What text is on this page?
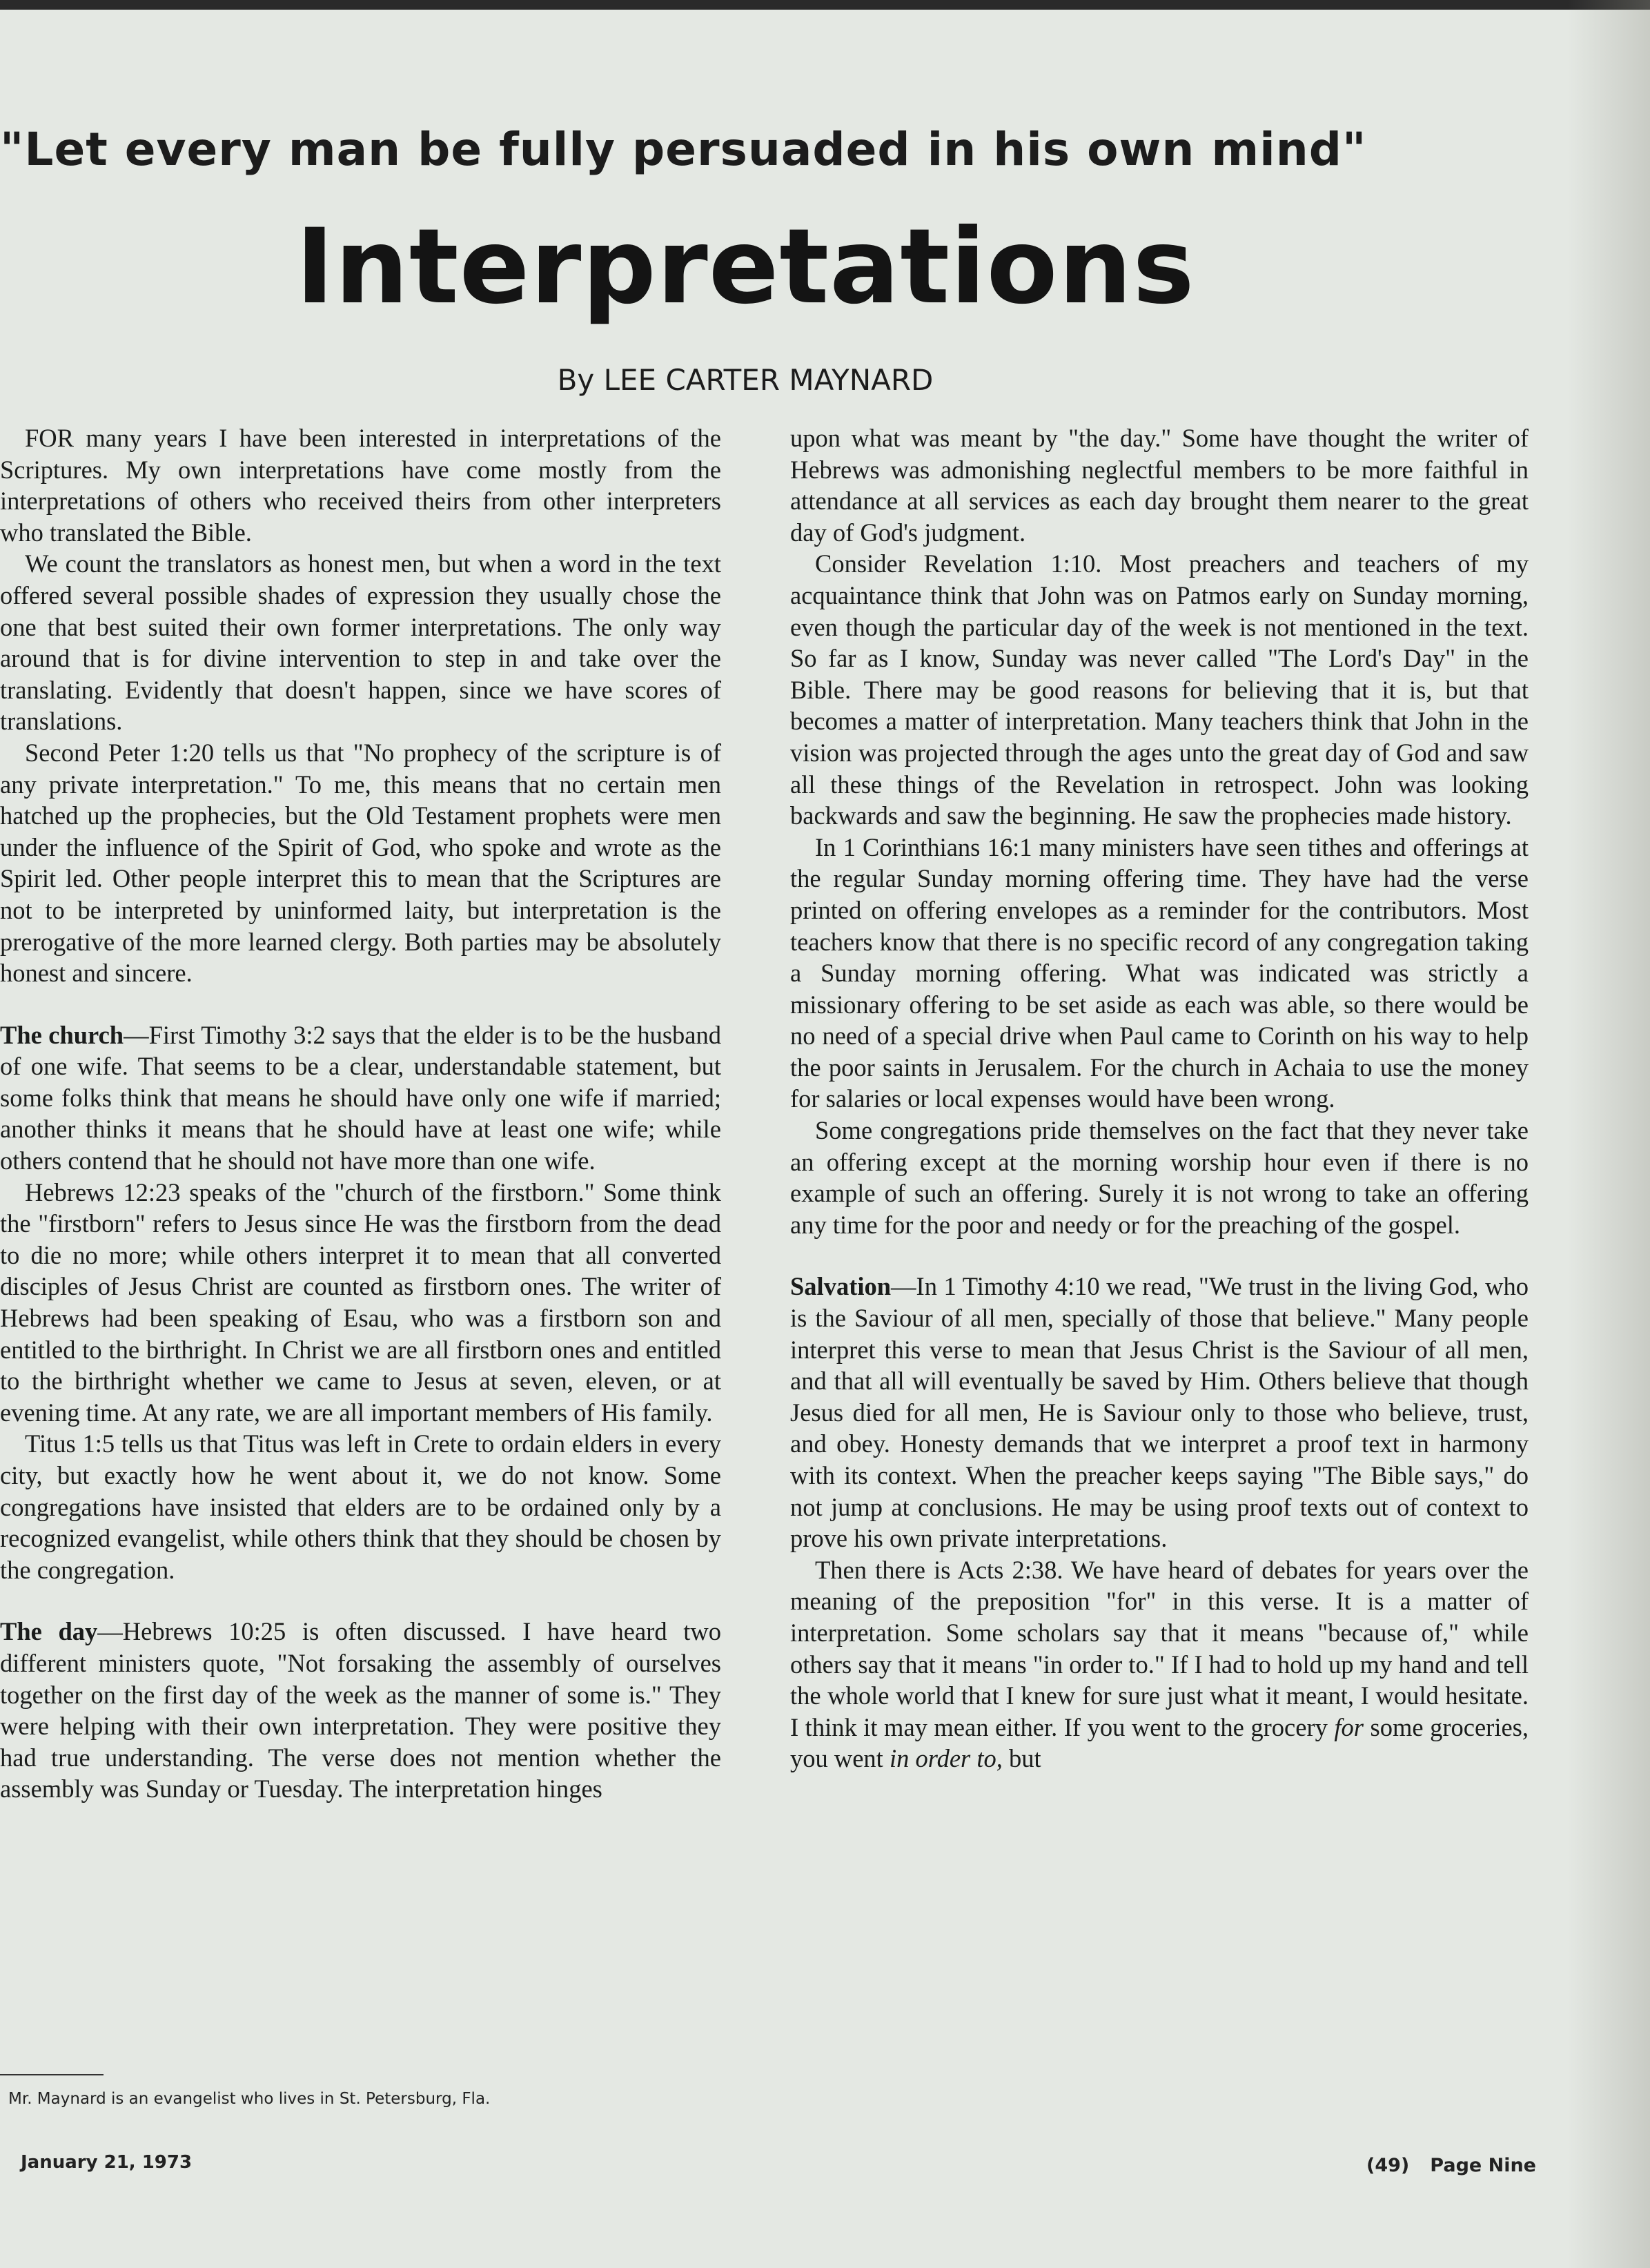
"Let every man be fully persuaded in his own mind"
Interpretations
By LEE CARTER MAYNARD

FOR many years I have been interested in interpretations of the Scriptures. My own interpretations have come mostly from the interpretations of others who received theirs from other interpreters who translated the Bible.

We count the translators as honest men, but when a word in the text offered several possible shades of expression they usually chose the one that best suited their own former interpretations. The only way around that is for divine intervention to step in and take over the translating. Evidently that doesn't happen, since we have scores of translations.

Second Peter 1:20 tells us that "No prophecy of the scripture is of any private interpretation." To me, this means that no certain men hatched up the prophecies, but the Old Testament prophets were men under the influence of the Spirit of God, who spoke and wrote as the Spirit led. Other people interpret this to mean that the Scriptures are not to be interpreted by uninformed laity, but interpretation is the prerogative of the more learned clergy. Both parties may be absolutely honest and sincere.

The church—First Timothy 3:2 says that the elder is to be the husband of one wife. That seems to be a clear, understandable statement, but some folks think that means he should have only one wife if married; another thinks it means that he should have at least one wife; while others contend that he should not have more than one wife.

Hebrews 12:23 speaks of the "church of the firstborn." Some think the "firstborn" refers to Jesus since He was the firstborn from the dead to die no more; while others interpret it to mean that all converted disciples of Jesus Christ are counted as firstborn ones. The writer of Hebrews had been speaking of Esau, who was a firstborn son and entitled to the birthright. In Christ we are all firstborn ones and entitled to the birthright whether we came to Jesus at seven, eleven, or at evening time. At any rate, we are all important members of His family.

Titus 1:5 tells us that Titus was left in Crete to ordain elders in every city, but exactly how he went about it, we do not know. Some congregations have insisted that elders are to be ordained only by a recognized evangelist, while others think that they should be chosen by the congregation.

The day—Hebrews 10:25 is often discussed. I have heard two different ministers quote, "Not forsaking the assembly of ourselves together on the first day of the week as the manner of some is." They were helping with their own interpretation. They were positive they had true understanding. The verse does not mention whether the assembly was Sunday or Tuesday. The interpretation hinges

upon what was meant by "the day." Some have thought the writer of Hebrews was admonishing neglectful members to be more faithful in attendance at all services as each day brought them nearer to the great day of God's judgment.

Consider Revelation 1:10. Most preachers and teachers of my acquaintance think that John was on Patmos early on Sunday morning, even though the particular day of the week is not mentioned in the text. So far as I know, Sunday was never called "The Lord's Day" in the Bible. There may be good reasons for believing that it is, but that becomes a matter of interpretation. Many teachers think that John in the vision was projected through the ages unto the great day of God and saw all these things of the Revelation in retrospect. John was looking backwards and saw the beginning. He saw the prophecies made history.

In 1 Corinthians 16:1 many ministers have seen tithes and offerings at the regular Sunday morning offering time. They have had the verse printed on offering envelopes as a reminder for the contributors. Most teachers know that there is no specific record of any congregation taking a Sunday morning offering. What was indicated was strictly a missionary offering to be set aside as each was able, so there would be no need of a special drive when Paul came to Corinth on his way to help the poor saints in Jerusalem. For the church in Achaia to use the money for salaries or local expenses would have been wrong.

Some congregations pride themselves on the fact that they never take an offering except at the morning worship hour even if there is no example of such an offering. Surely it is not wrong to take an offering any time for the poor and needy or for the preaching of the gospel.

Salvation—In 1 Timothy 4:10 we read, "We trust in the living God, who is the Saviour of all men, specially of those that believe." Many people interpret this verse to mean that Jesus Christ is the Saviour of all men, and that all will eventually be saved by Him. Others believe that though Jesus died for all men, He is Saviour only to those who believe, trust, and obey. Honesty demands that we interpret a proof text in harmony with its context. When the preacher keeps saying "The Bible says," do not jump at conclusions. He may be using proof texts out of context to prove his own private interpretations.

Then there is Acts 2:38. We have heard of debates for years over the meaning of the preposition "for" in this verse. It is a matter of interpretation. Some scholars say that it means "because of," while others say that it means "in order to." If I had to hold up my hand and tell the whole world that I knew for sure just what it meant, I would hesitate. I think it may mean either. If you went to the grocery for some groceries, you went in order to, but

Mr. Maynard is an evangelist who lives in St. Petersburg, Fla.
January 21, 1973	(49) Page Nine
